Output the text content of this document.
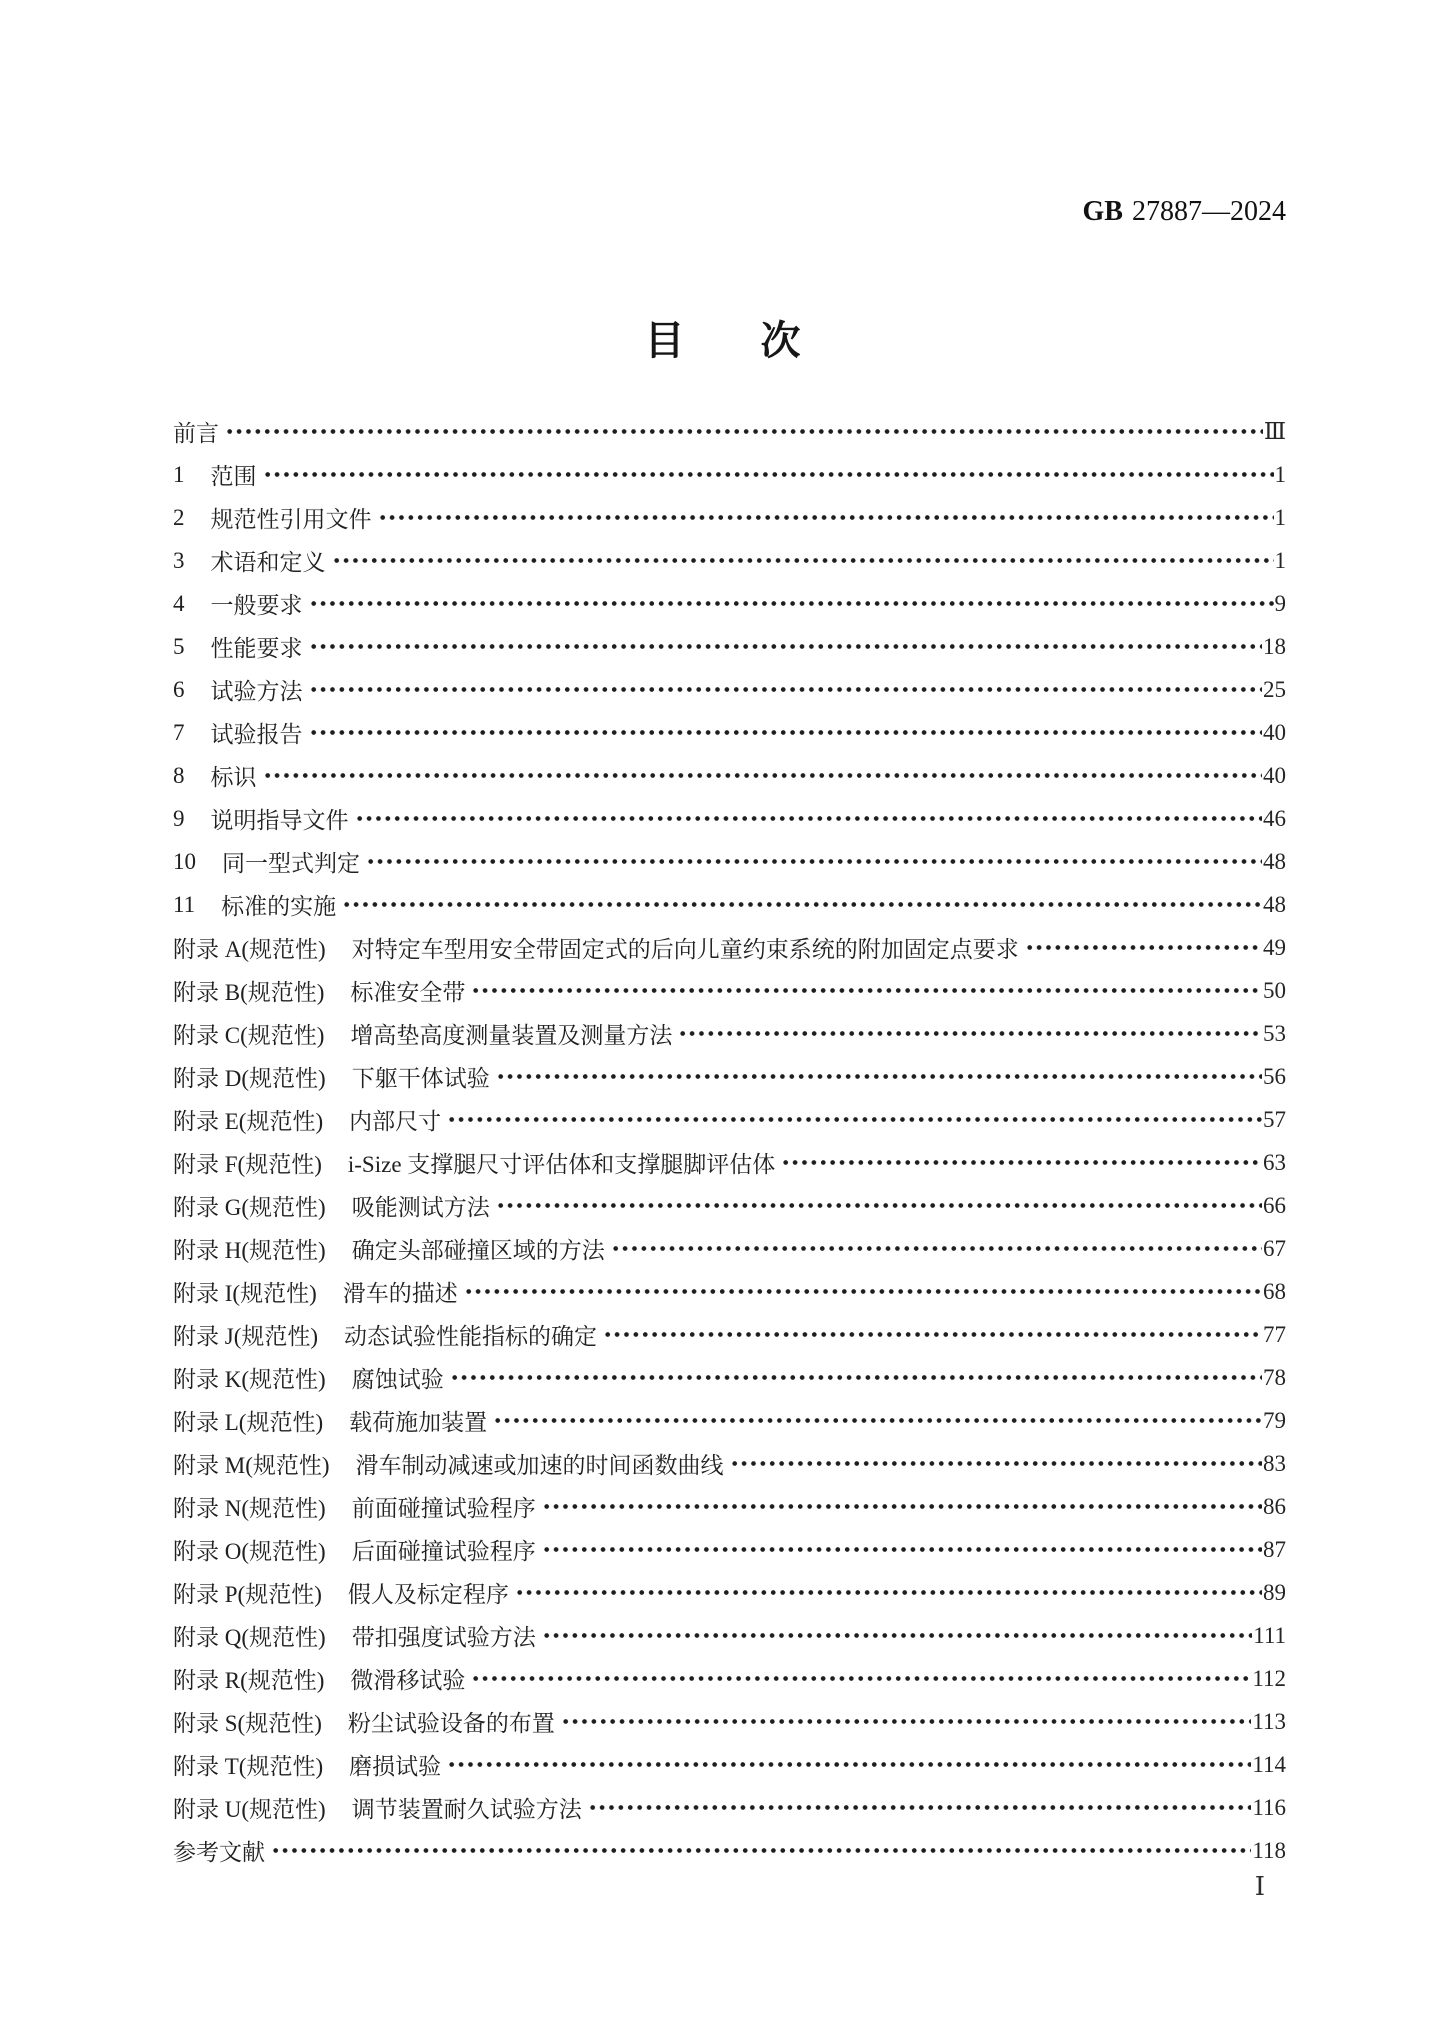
GB 27887—2024

目　次
前言	Ⅲ
1 范围	1
2 规范性引用文件	1
3 术语和定义	1
4 一般要求	9
5 性能要求	18
6 试验方法	25
7 试验报告	40
8 标识	40
9 说明指导文件	46
10 同一型式判定	48
11 标准的实施	48
附录 A(规范性) 对特定车型用安全带固定式的后向儿童约束系统的附加固定点要求	49
附录 B(规范性) 标准安全带	50
附录 C(规范性) 增高垫高度测量装置及测量方法	53
附录 D(规范性) 下躯干体试验	56
附录 E(规范性) 内部尺寸	57
附录 F(规范性) i-Size 支撑腿尺寸评估体和支撑腿脚评估体	63
附录 G(规范性) 吸能测试方法	66
附录 H(规范性) 确定头部碰撞区域的方法	67
附录 I(规范性) 滑车的描述	68
附录 J(规范性) 动态试验性能指标的确定	77
附录 K(规范性) 腐蚀试验	78
附录 L(规范性) 载荷施加装置	79
附录 M(规范性) 滑车制动减速或加速的时间函数曲线	83
附录 N(规范性) 前面碰撞试验程序	86
附录 O(规范性) 后面碰撞试验程序	87
附录 P(规范性) 假人及标定程序	89
附录 Q(规范性) 带扣强度试验方法	111
附录 R(规范性) 微滑移试验	112
附录 S(规范性) 粉尘试验设备的布置	113
附录 T(规范性) 磨损试验	114
附录 U(规范性) 调节装置耐久试验方法	116
参考文献	118
Ⅰ
